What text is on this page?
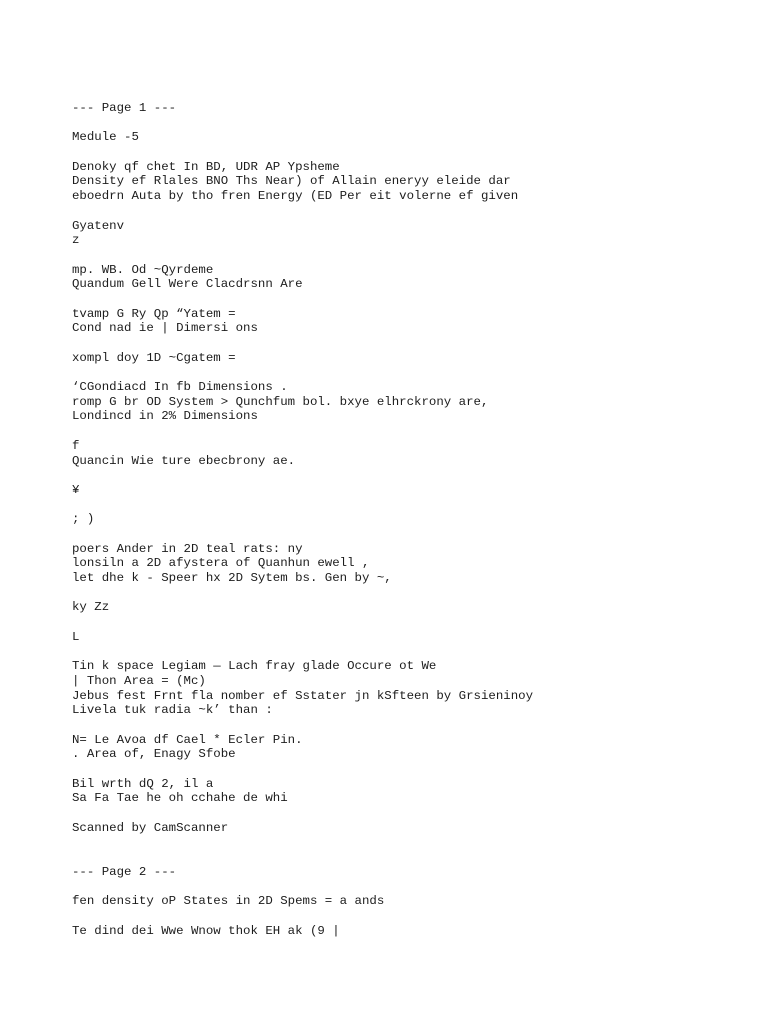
--- Page 1 ---
Medule -5
Denoky qf chet In BD, UDR AP Ypsheme
Density ef Rlales BNO Ths Near) of Allain eneryy eleide dar
eboedrn Auta by tho fren Energy (ED Per eit volerne ef given
Gyatenv
z
mp. WB. Od ~Qyrdeme
Quandum Gell Were Clacdrsnn Are
tvamp G Ry Qp “Yatem =
Cond nad ie | Dimersi ons
xompl doy 1D ~Cgatem =
‘CGondiacd In fb Dimensions .
romp G br OD System > Qunchfum bol. bxye elhrckrony are,
Londincd in 2% Dimensions
f
Quancin Wie ture ebecbrony ae.
¥
; )
poers Ander in 2D teal rats: ny
lonsiln a 2D afystera of Quanhun ewell ,
let dhe k - Speer hx 2D Sytem bs. Gen by ~,
ky Zz
L
Tin k space Legiam — Lach fray glade Occure ot We
| Thon Area = (Mc)
Jebus fest Frnt fla nomber ef Sstater jn kSfteen by Grsieninoy
Livela tuk radia ~k’ than :
N= Le Avoa df Cael * Ecler Pin.
. Area of, Enagy Sfobe
Bil wrth dQ 2, il a
Sa Fa Tae he oh cchahe de whi
Scanned by CamScanner
--- Page 2 ---
fen density oP States in 2D Spems = a ands
Te dind dei Wwe Wnow thok EH ak (9 |
